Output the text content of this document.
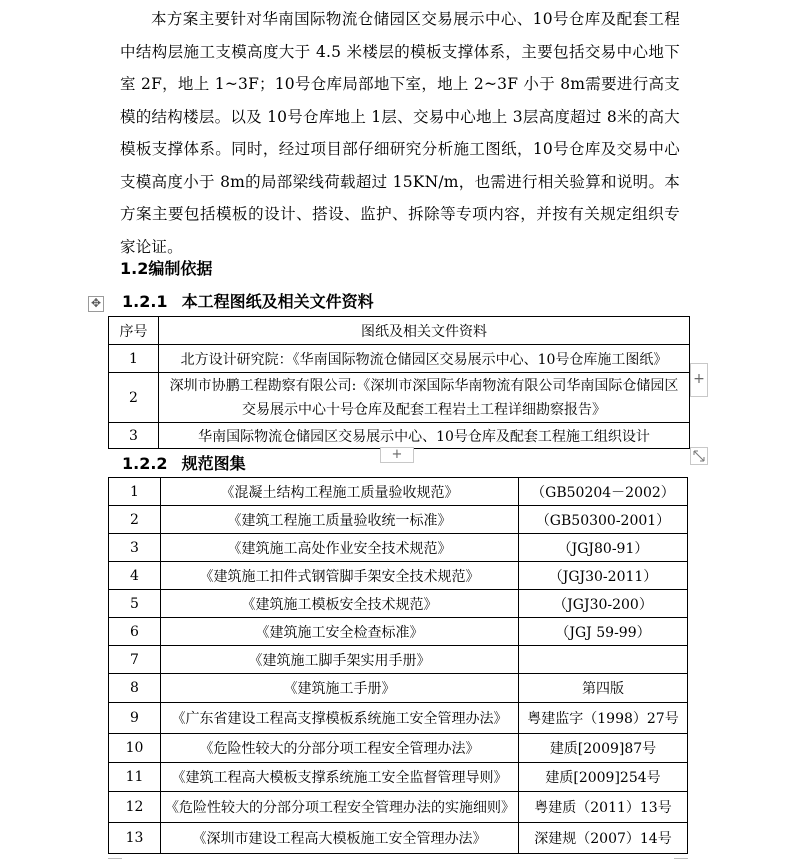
本方案主要针对华南国际物流仓储园区交易展示中心、10号仓库及配套工程中结构层施工支模高度大于 4.5 米楼层的模板支撑体系，主要包括交易中心地下室 2F，地上 1~3F；10号仓库局部地下室，地上 2~3F 小于 8m需要进行高支模的结构楼层。以及 10号仓库地上 1层、交易中心地上 3层高度超过 8米的高大模板支撑体系。同时，经过项目部仔细研究分析施工图纸，10号仓库及交易中心支模高度小于 8m的局部梁线荷载超过 15KN/m，也需进行相关验算和说明。本方案主要包括模板的设计、搭设、监护、拆除等专项内容，并按有关规定组织专家论证。

1.2编制依据
✥ 1.2.1 本工程图纸及相关文件资料
序号	图纸及相关文件资料
1	北方设计研究院：《华南国际物流仓储园区交易展示中心、10号仓库施工图纸》
2	深圳市协鹏工程勘察有限公司:《深圳市深国际华南物流有限公司华南国际仓储园区交易展示中心十号仓库及配套工程岩土工程详细勘察报告》
3	华南国际物流仓储园区交易展示中心、10号仓库及配套工程施工组织设计
+
+
1.2.2 规范图集
1	《混凝土结构工程施工质量验收规范》	（GB50204－2002）
2	《建筑工程施工质量验收统一标准》	（GB50300-2001）
3	《建筑施工高处作业安全技术规范》	（JGJ80-91）
4	《建筑施工扣件式钢管脚手架安全技术规范》	（JGJ30-2011）
5	《建筑施工模板安全技术规范》	（JGJ30-200）
6	《建筑施工安全检查标准》	（JGJ 59-99）
7	《建筑施工脚手架实用手册》	
8	《建筑施工手册》	第四版
9	《广东省建设工程高支撑模板系统施工安全管理办法》	粤建监字（1998）27号
10	《危险性较大的分部分项工程安全管理办法》	建质[2009]87号
11	《建筑工程高大模板支撑系统施工安全监督管理导则》	建质[2009]254号
12	《危险性较大的分部分项工程安全管理办法的实施细则》	粤建质（2011）13号
13	《深圳市建设工程高大模板施工安全管理办法》	深建规（2007）14号
